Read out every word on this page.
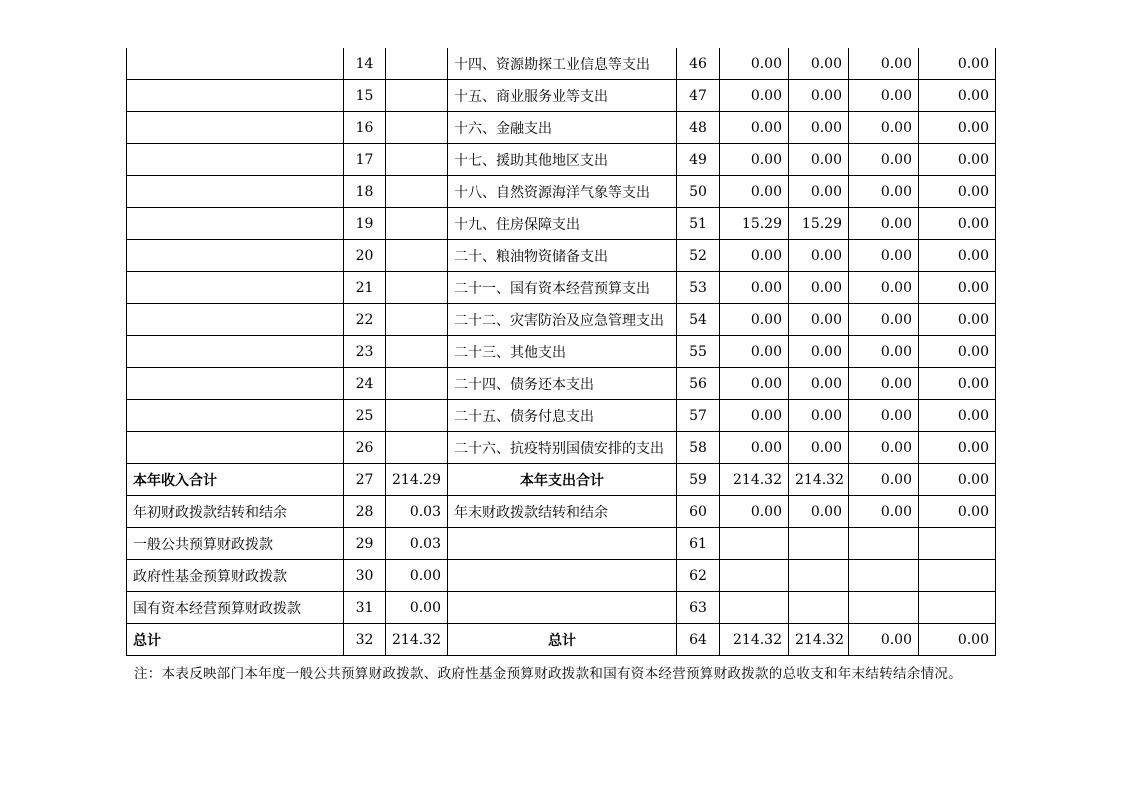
	14		十四、资源勘探工业信息等支出	46	0.00	0.00	0.00	0.00
	15		十五、商业服务业等支出	47	0.00	0.00	0.00	0.00
	16		十六、金融支出	48	0.00	0.00	0.00	0.00
	17		十七、援助其他地区支出	49	0.00	0.00	0.00	0.00
	18		十八、自然资源海洋气象等支出	50	0.00	0.00	0.00	0.00
	19		十九、住房保障支出	51	15.29	15.29	0.00	0.00
	20		二十、粮油物资储备支出	52	0.00	0.00	0.00	0.00
	21		二十一、国有资本经营预算支出	53	0.00	0.00	0.00	0.00
	22		二十二、灾害防治及应急管理支出	54	0.00	0.00	0.00	0.00
	23		二十三、其他支出	55	0.00	0.00	0.00	0.00
	24		二十四、债务还本支出	56	0.00	0.00	0.00	0.00
	25		二十五、债务付息支出	57	0.00	0.00	0.00	0.00
	26		二十六、抗疫特别国债安排的支出	58	0.00	0.00	0.00	0.00
本年收入合计	27	214.29	本年支出合计	59	214.32	214.32	0.00	0.00
年初财政拨款结转和结余	28	0.03	年末财政拨款结转和结余	60	0.00	0.00	0.00	0.00
一般公共预算财政拨款	29	0.03		61				
政府性基金预算财政拨款	30	0.00		62				
国有资本经营预算财政拨款	31	0.00		63				
总计	32	214.32	总计	64	214.32	214.32	0.00	0.00

注：本表反映部门本年度一般公共预算财政拨款、政府性基金预算财政拨款和国有资本经营预算财政拨款的总收支和年末结转结余情况。
